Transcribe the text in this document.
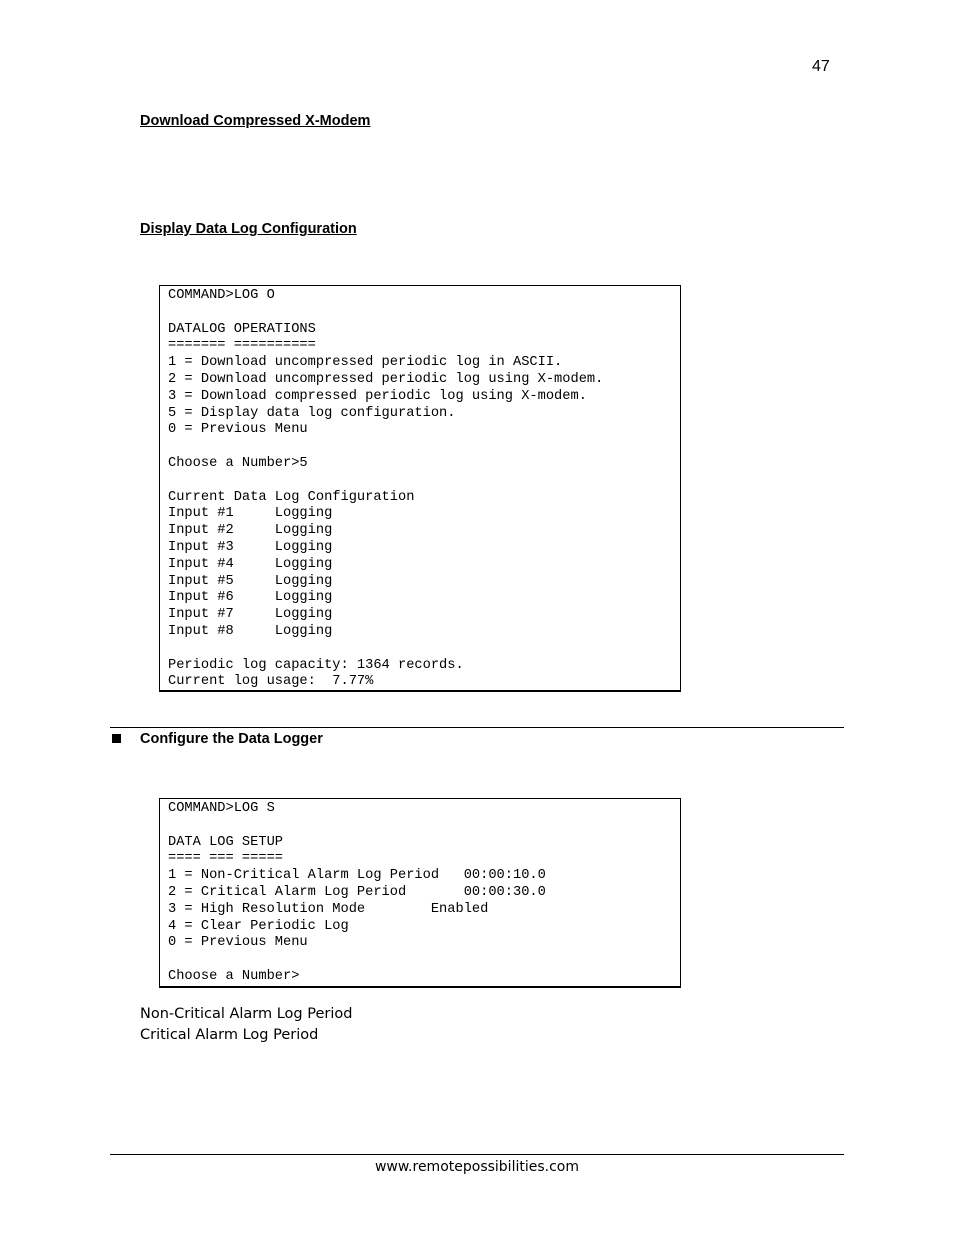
47
Download Compressed X-Modem
Display Data Log Configuration
COMMAND>LOG O
DATALOG OPERATIONS
======= ==========
1 = Download uncompressed periodic log in ASCII.
2 = Download uncompressed periodic log using X-modem.
3 = Download compressed periodic log using X-modem.
5 = Display data log configuration.
0 = Previous Menu
Choose a Number>5
Current Data Log Configuration
Input #1     Logging
Input #2     Logging
Input #3     Logging
Input #4     Logging
Input #5     Logging
Input #6     Logging
Input #7     Logging
Input #8     Logging
Periodic log capacity: 1364 records.
Current log usage:  7.77%
Configure the Data Logger
COMMAND>LOG S
DATA LOG SETUP
==== === =====
1 = Non-Critical Alarm Log Period   00:00:10.0
2 = Critical Alarm Log Period       00:00:30.0
3 = High Resolution Mode        Enabled
4 = Clear Periodic Log
0 = Previous Menu
Choose a Number>
Non-Critical Alarm Log Period
Critical Alarm Log Period
www.remotepossibilities.com
